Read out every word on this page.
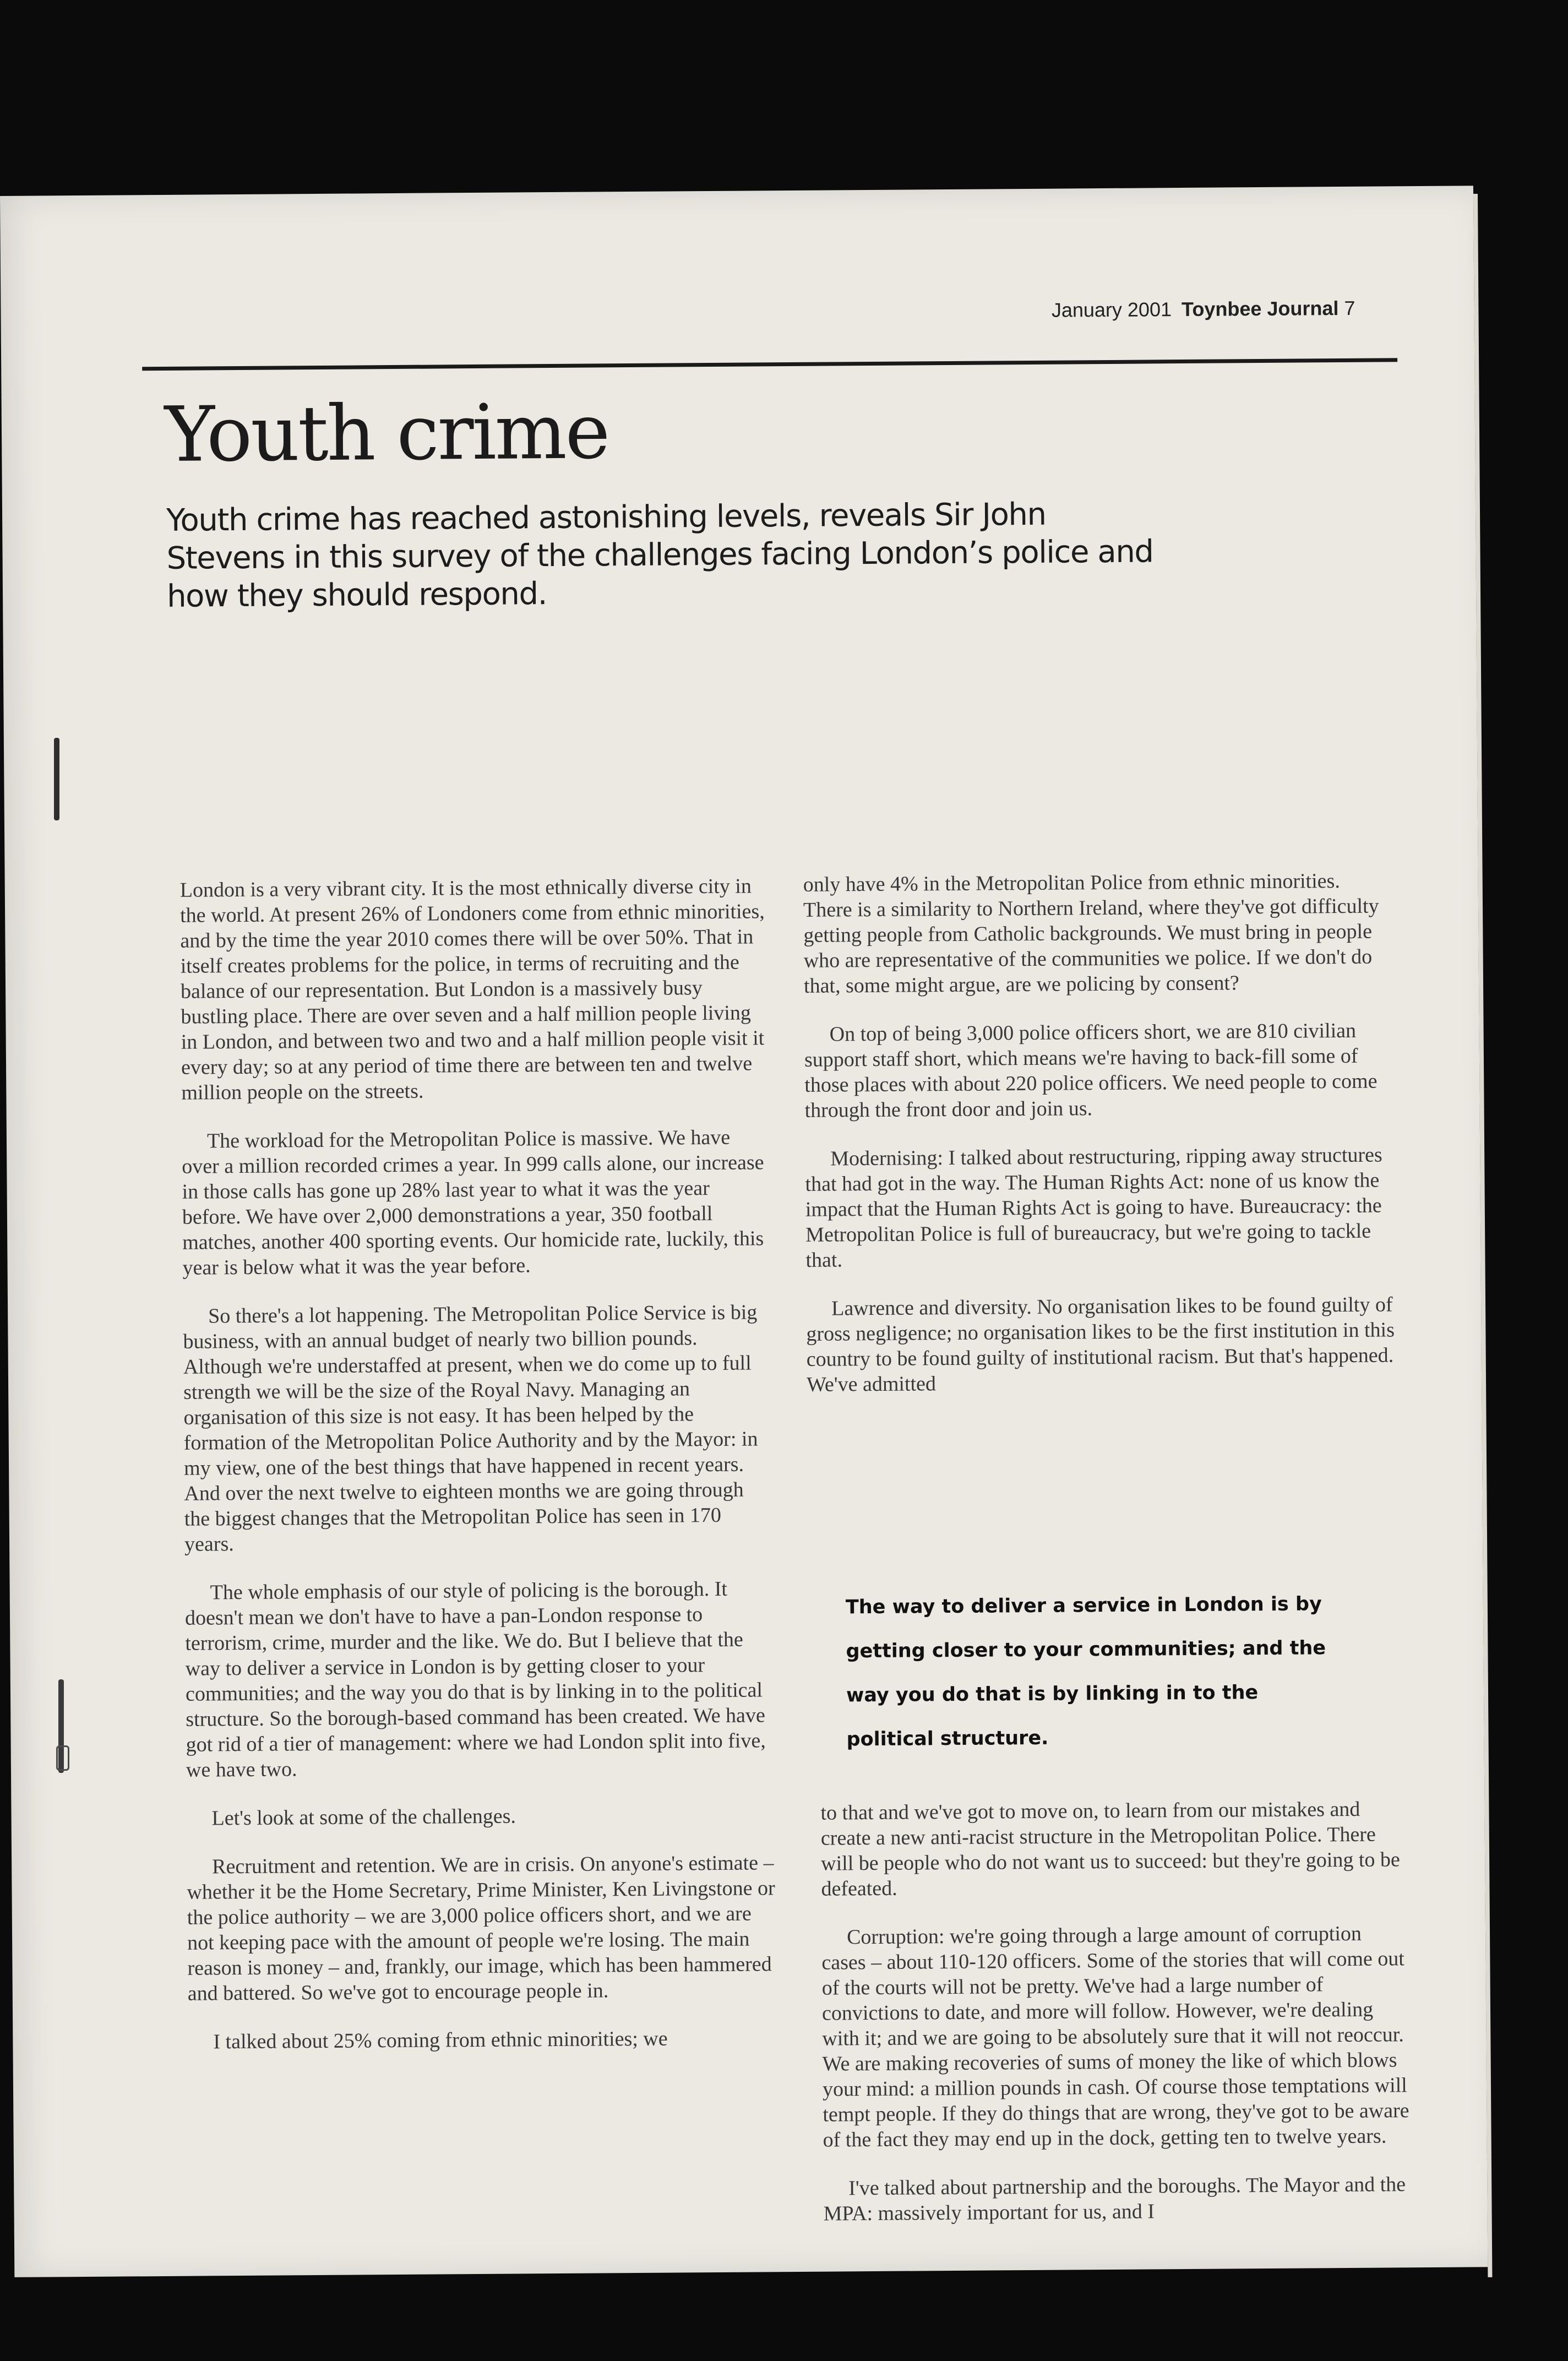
January 2001 Toynbee Journal 7
Youth crime

Youth crime has reached astonishing levels, reveals Sir John Stevens in this survey of the challenges facing London’s police and how they should respond.

London is a very vibrant city. It is the most ethnically diverse city in the world. At present 26% of Londoners come from ethnic minorities, and by the time the year 2010 comes there will be over 50%. That in itself creates problems for the police, in terms of recruiting and the balance of our representation. But London is a massively busy bustling place. There are over seven and a half million people living in London, and between two and two and a half million people visit it every day; so at any period of time there are between ten and twelve million people on the streets.

The workload for the Metropolitan Police is massive. We have over a million recorded crimes a year. In 999 calls alone, our increase in those calls has gone up 28% last year to what it was the year before. We have over 2,000 demonstrations a year, 350 football matches, another 400 sporting events. Our homicide rate, luckily, this year is below what it was the year before.

So there's a lot happening. The Metropolitan Police Service is big business, with an annual budget of nearly two billion pounds. Although we're understaffed at present, when we do come up to full strength we will be the size of the Royal Navy. Managing an organisation of this size is not easy. It has been helped by the formation of the Metropolitan Police Authority and by the Mayor: in my view, one of the best things that have happened in recent years. And over the next twelve to eighteen months we are going through the biggest changes that the Metropolitan Police has seen in 170 years.

The whole emphasis of our style of policing is the borough. It doesn't mean we don't have to have a pan-London response to terrorism, crime, murder and the like. We do. But I believe that the way to deliver a service in London is by getting closer to your communities; and the way you do that is by linking in to the political structure. So the borough-based command has been created. We have got rid of a tier of management: where we had London split into five, we have two.

Let's look at some of the challenges.

Recruitment and retention. We are in crisis. On anyone's estimate – whether it be the Home Secretary, Prime Minister, Ken Livingstone or the police authority – we are 3,000 police officers short, and we are not keeping pace with the amount of people we're losing. The main reason is money – and, frankly, our image, which has been hammered and battered. So we've got to encourage people in.

I talked about 25% coming from ethnic minorities; we

only have 4% in the Metropolitan Police from ethnic minorities. There is a similarity to Northern Ireland, where they've got difficulty getting people from Catholic backgrounds. We must bring in people who are representative of the communities we police. If we don't do that, some might argue, are we policing by consent?

On top of being 3,000 police officers short, we are 810 civilian support staff short, which means we're having to back-fill some of those places with about 220 police officers. We need people to come through the front door and join us.

Modernising: I talked about restructuring, ripping away structures that had got in the way. The Human Rights Act: none of us know the impact that the Human Rights Act is going to have. Bureaucracy: the Metropolitan Police is full of bureaucracy, but we're going to tackle that.

Lawrence and diversity. No organisation likes to be found guilty of gross negligence; no organisation likes to be the first institution in this country to be found guilty of institutional racism. But that's happened. We've admitted

The way to deliver a service in London is by getting closer to your communities; and the way you do that is by linking in to the political structure.

to that and we've got to move on, to learn from our mistakes and create a new anti-racist structure in the Metropolitan Police. There will be people who do not want us to succeed: but they're going to be defeated.

Corruption: we're going through a large amount of corruption cases – about 110-120 officers. Some of the stories that will come out of the courts will not be pretty. We've had a large number of convictions to date, and more will follow. However, we're dealing with it; and we are going to be absolutely sure that it will not reoccur. We are making recoveries of sums of money the like of which blows your mind: a million pounds in cash. Of course those temptations will tempt people. If they do things that are wrong, they've got to be aware of the fact they may end up in the dock, getting ten to twelve years.

I've talked about partnership and the boroughs. The Mayor and the MPA: massively important for us, and I
